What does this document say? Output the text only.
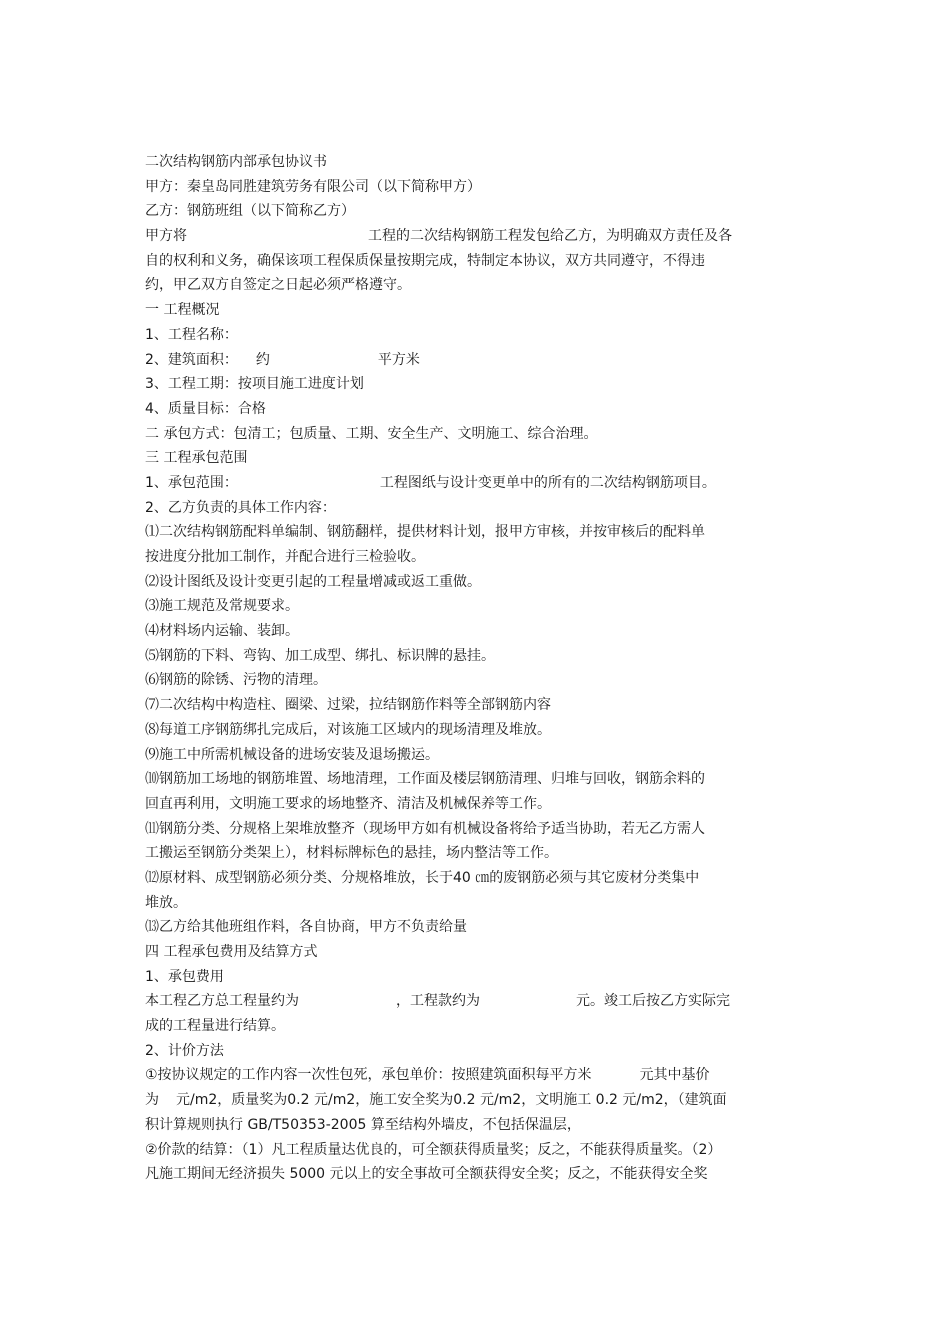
二次结构钢筋内部承包协议书
甲方：秦皇岛同胜建筑劳务有限公司（以下简称甲方）
乙方：钢筋班组（以下简称乙方）
甲方将	工程的二次结构钢筋工程发包给乙方，为明确双方责任及各
自的权利和义务，确保该项工程保质保量按期完成，特制定本协议，双方共同遵守，不得违
约，甲乙双方自签定之日起必须严格遵守。
一 工程概况
1、工程名称：
2、建筑面积： 约	平方米
3、工程工期：按项目施工进度计划
4、质量目标：合格
二 承包方式：包清工；包质量、工期、安全生产、文明施工、综合治理。
三 工程承包范围
1、承包范围：	工程图纸与设计变更单中的所有的二次结构钢筋项目。
2、乙方负责的具体工作内容：
⑴二次结构钢筋配料单编制、钢筋翻样，提供材料计划，报甲方审核，并按审核后的配料单
按进度分批加工制作，并配合进行三检验收。
⑵设计图纸及设计变更引起的工程量增减或返工重做。
⑶施工规范及常规要求。
⑷材料场内运输、装卸。
⑸钢筋的下料、弯钩、加工成型、绑扎、标识牌的悬挂。
⑹钢筋的除锈、污物的清理。
⑺二次结构中构造柱、圈梁、过梁，拉结钢筋作料等全部钢筋内容
⑻每道工序钢筋绑扎完成后，对该施工区域内的现场清理及堆放。
⑼施工中所需机械设备的进场安装及退场搬运。
⑽钢筋加工场地的钢筋堆置、场地清理，工作面及楼层钢筋清理、归堆与回收，钢筋余料的
回直再利用，文明施工要求的场地整齐、清洁及机械保养等工作。
⑾钢筋分类、分规格上架堆放整齐（现场甲方如有机械设备将给予适当协助，若无乙方需人
工搬运至钢筋分类架上），材料标牌标色的悬挂，场内整洁等工作。
⑿原材料、成型钢筋必须分类、分规格堆放，长于40 ㎝的废钢筋必须与其它废材分类集中
堆放。
⒀乙方给其他班组作料，各自协商，甲方不负责给量
四 工程承包费用及结算方式
1、承包费用
本工程乙方总工程量约为	，工程款约为	元。竣工后按乙方实际完
成的工程量进行结算。
2、计价方法
①按协议规定的工作内容一次性包死，承包单价：按照建筑面积每平方米	元其中基价
为 元/m2，质量奖为0.2 元/m2，施工安全奖为0.2 元/m2，文明施工 0.2 元/m2，（建筑面
积计算规则执行 GB/T50353-2005 算至结构外墙皮，不包括保温层，
②价款的结算：（1）凡工程质量达优良的，可全额获得质量奖；反之，不能获得质量奖。（2）
凡施工期间无经济损失 5000 元以上的安全事故可全额获得安全奖；反之，不能获得安全奖
